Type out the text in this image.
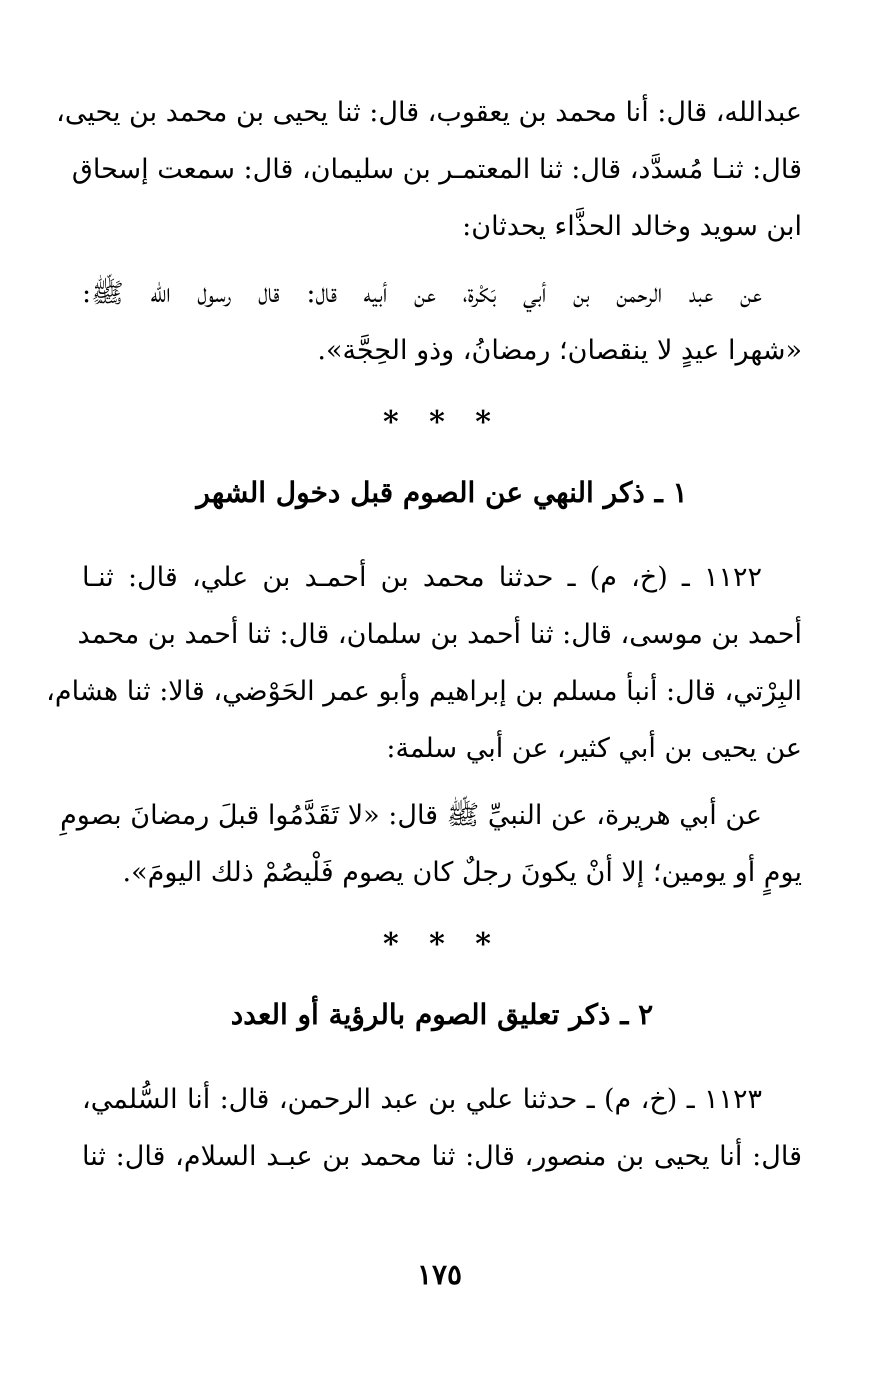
عبدالله، قال: أنا محمد بن يعقوب، قال: ثنا يحيى بن محمد بن يحيى،
قال: ثنـا مُسدَّد، قال: ثنا المعتمـر بن سليمان، قال: سمعت إسحاق
ابن سويد وخالد الحذَّاء يحدثان:

عن عبد الرحمن بن أبي بَكْرة، عن أبيه قال: قال رسول الله ﷺ:
«شهرا عيدٍ لا ينقصان؛ رمضانُ، وذو الحِجَّة».

* * *
١ ـ ذكر النهي عن الصوم قبل دخول الشهر

١١٢٢ ـ (خ، م) ـ حدثنا محمد بن أحمـد بن علي، قال: ثنـا
أحمد بن موسى، قال: ثنا أحمد بن سلمان، قال: ثنا أحمد بن محمد
البِرْتي، قال: أنبأ مسلم بن إبراهيم وأبو عمر الحَوْضي، قالا: ثنا هشام،
عن يحيى بن أبي كثير، عن أبي سلمة:

عن أبي هريرة، عن النبيِّ ﷺ قال: «لا تَقَدَّمُوا قبلَ رمضانَ بصومِ
يومٍ أو يومين؛ إلا أنْ يكونَ رجلٌ كان يصوم فَلْيصُمْ ذلك اليومَ».

* * *
٢ ـ ذكر تعليق الصوم بالرؤية أو العدد

١١٢٣ ـ (خ، م) ـ حدثنا علي بن عبد الرحمن، قال: أنا السُّلمي،
قال: أنا يحيى بن منصور، قال: ثنا محمد بن عبـد السلام، قال: ثنا

١٧٥
